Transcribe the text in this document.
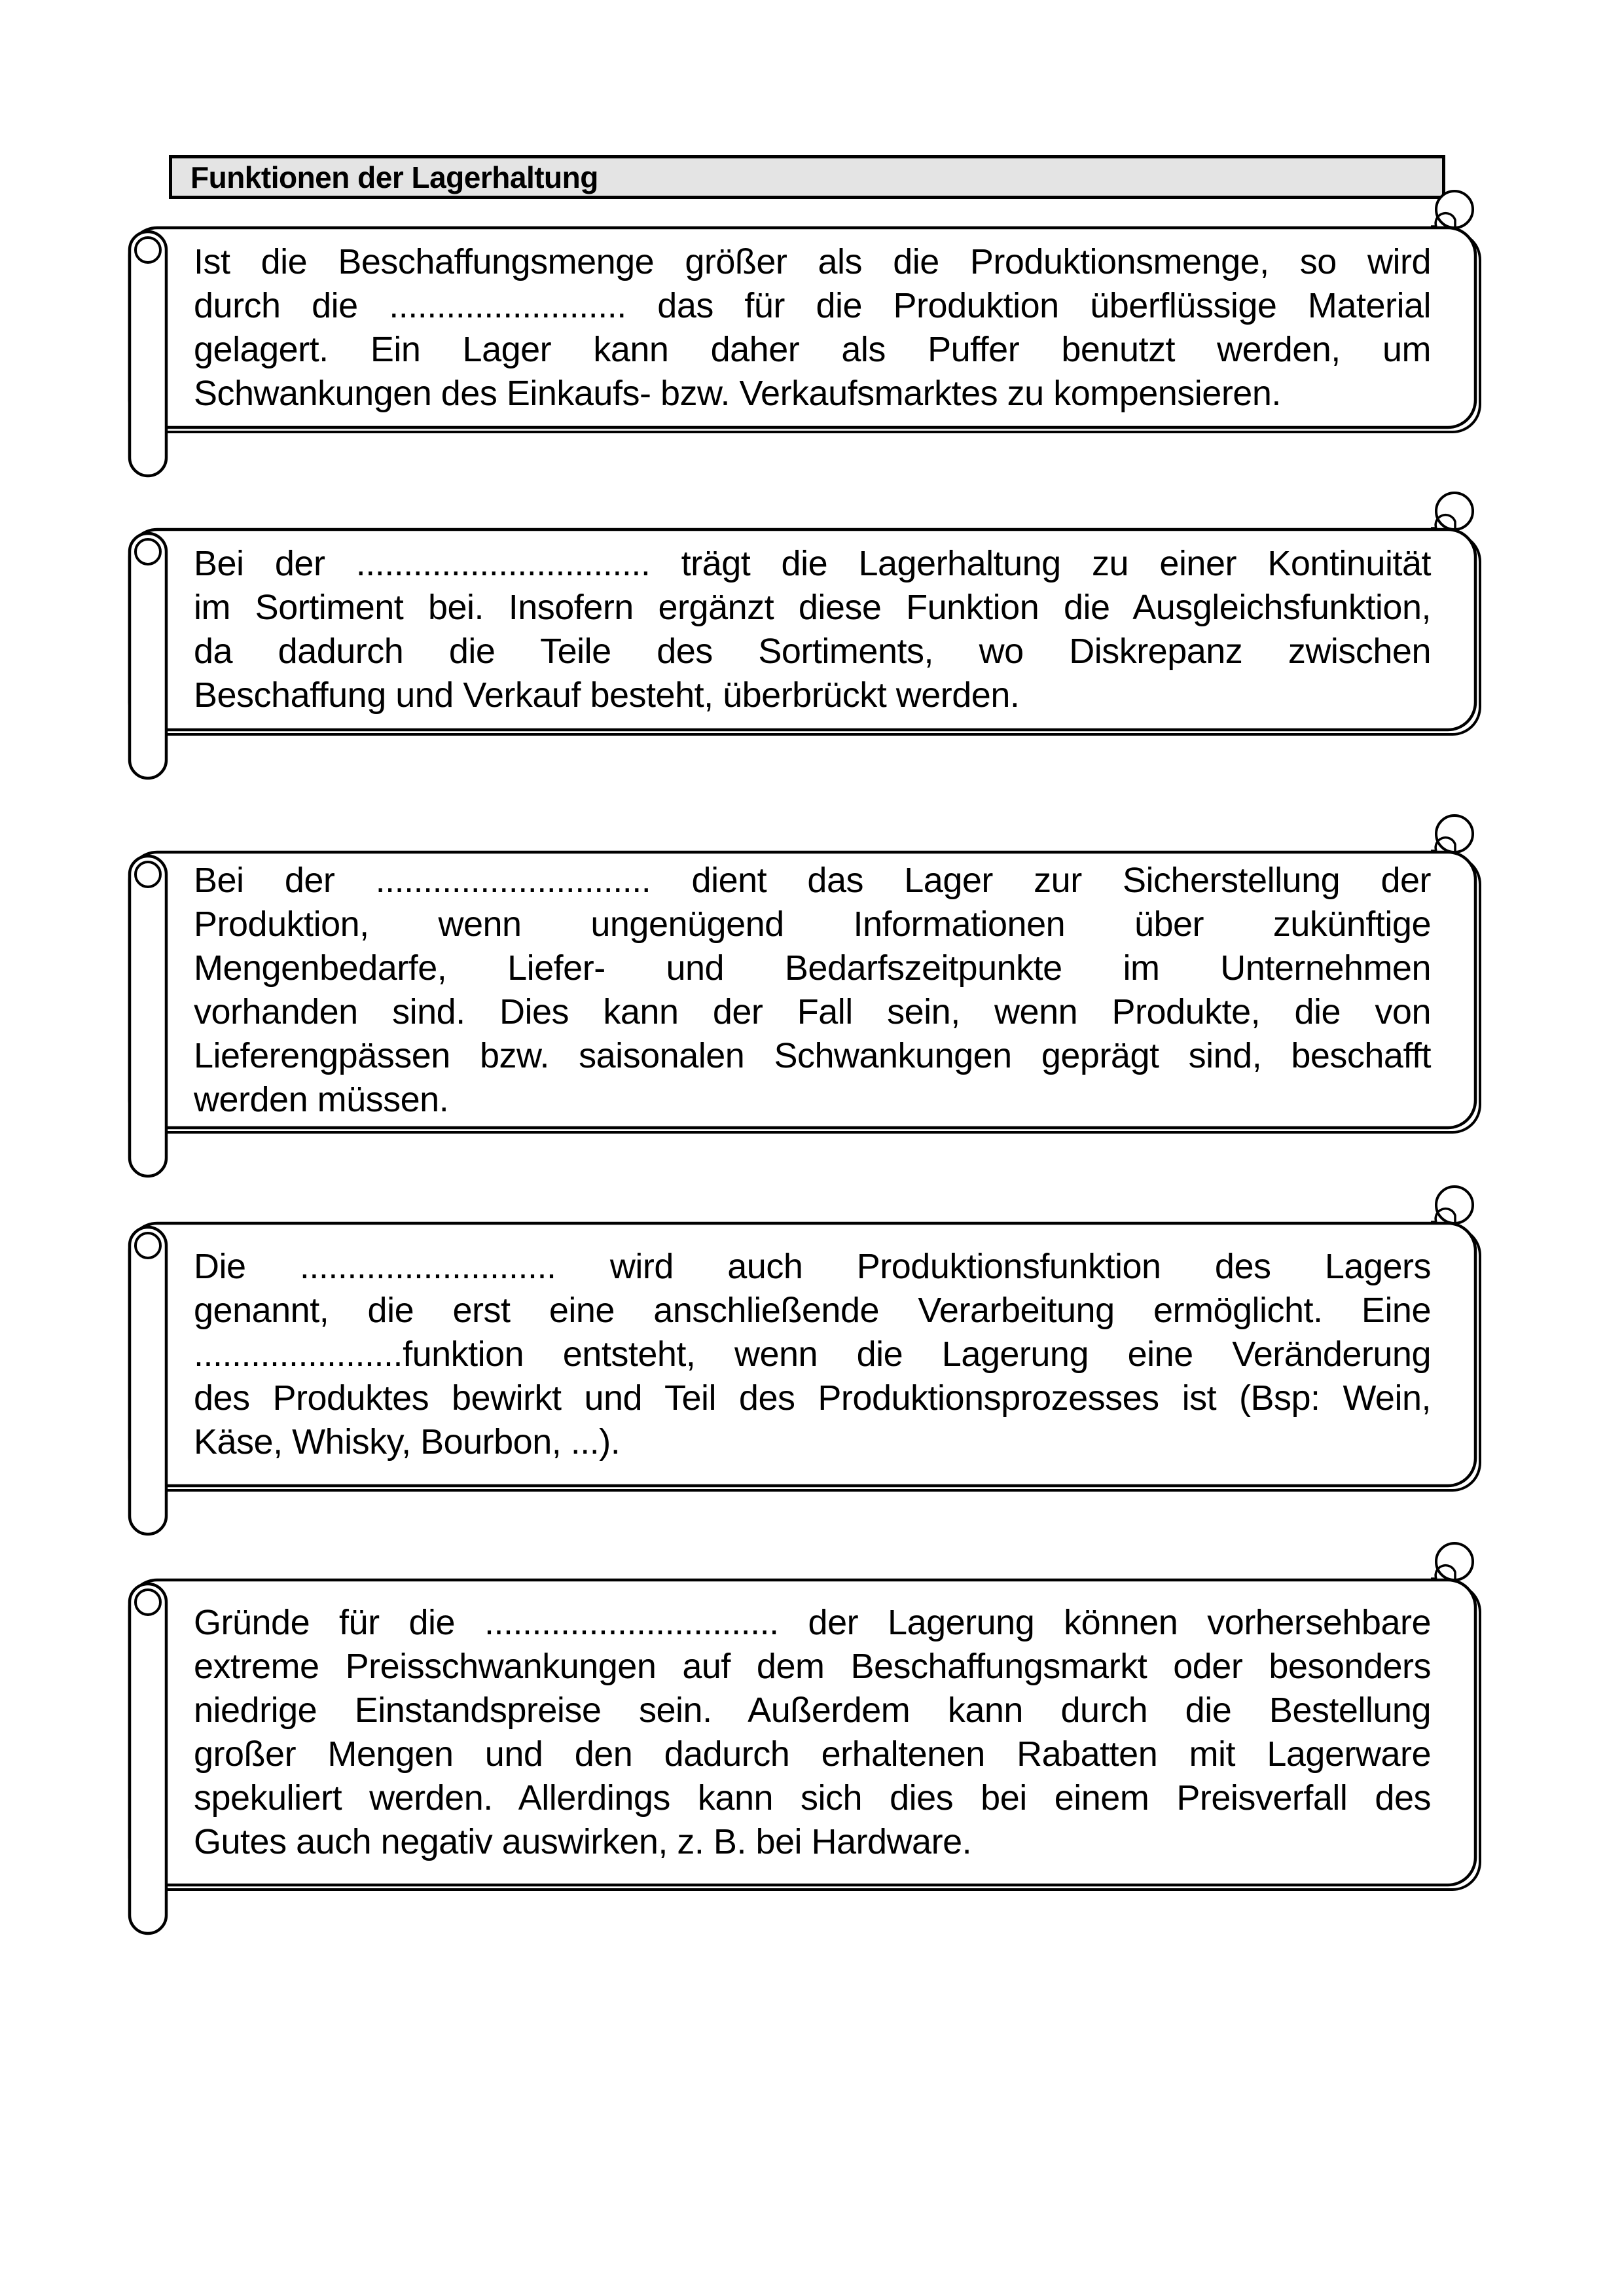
Funktionen der Lagerhaltung
Ist die Beschaffungsmenge größer als die Produktionsmenge, so wird
durch die ......................... das für die Produktion überflüssige Material
gelagert. Ein Lager kann daher als Puffer benutzt werden, um
Schwankungen des Einkaufs- bzw. Verkaufsmarktes zu kompensieren.
Bei der ............................... trägt die Lagerhaltung zu einer Kontinuität
im Sortiment bei. Insofern ergänzt diese Funktion die Ausgleichsfunktion,
da dadurch die Teile des Sortiments, wo Diskrepanz zwischen
Beschaffung und Verkauf besteht, überbrückt werden.
Bei der ............................. dient das Lager zur Sicherstellung der
Produktion, wenn ungenügend Informationen über zukünftige
Mengenbedarfe, Liefer- und Bedarfszeitpunkte im Unternehmen
vorhanden sind. Dies kann der Fall sein, wenn Produkte, die von
Lieferengpässen bzw. saisonalen Schwankungen geprägt sind, beschafft
werden müssen.
Die ........................... wird auch Produktionsfunktion des Lagers
genannt, die erst eine anschließende Verarbeitung ermöglicht. Eine
......................funktion entsteht, wenn die Lagerung eine Veränderung
des Produktes bewirkt und Teil des Produktionsprozesses ist (Bsp: Wein,
Käse, Whisky, Bourbon, ...).
Gründe für die ............................... der Lagerung können vorhersehbare
extreme Preisschwankungen auf dem Beschaffungsmarkt oder besonders
niedrige Einstandspreise sein. Außerdem kann durch die Bestellung
großer Mengen und den dadurch erhaltenen Rabatten mit Lagerware
spekuliert werden. Allerdings kann sich dies bei einem Preisverfall des
Gutes auch negativ auswirken, z. B. bei Hardware.
